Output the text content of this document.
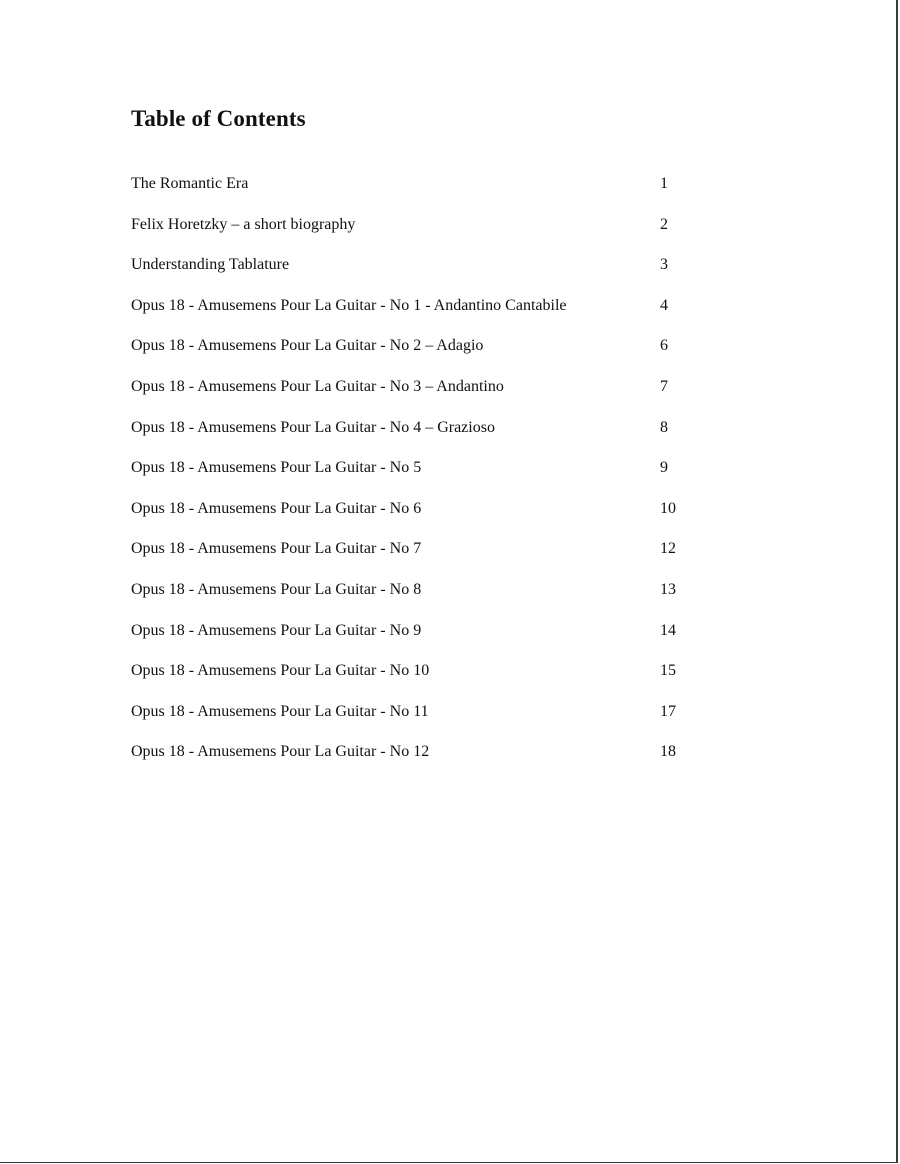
Table of Contents
The Romantic Era	1
Felix Horetzky – a short biography	2
Understanding Tablature	3
Opus 18 - Amusemens Pour La Guitar - No 1 - Andantino Cantabile	4
Opus 18 - Amusemens Pour La Guitar - No 2 – Adagio	6
Opus 18 - Amusemens Pour La Guitar - No 3 – Andantino	7
Opus 18 - Amusemens Pour La Guitar - No 4 – Grazioso	8
Opus 18 - Amusemens Pour La Guitar - No 5	9
Opus 18 - Amusemens Pour La Guitar - No 6	10
Opus 18 - Amusemens Pour La Guitar - No 7	12
Opus 18 - Amusemens Pour La Guitar - No 8	13
Opus 18 - Amusemens Pour La Guitar - No 9	14
Opus 18 - Amusemens Pour La Guitar - No 10	15
Opus 18 - Amusemens Pour La Guitar - No 11	17
Opus 18 - Amusemens Pour La Guitar - No 12	18
